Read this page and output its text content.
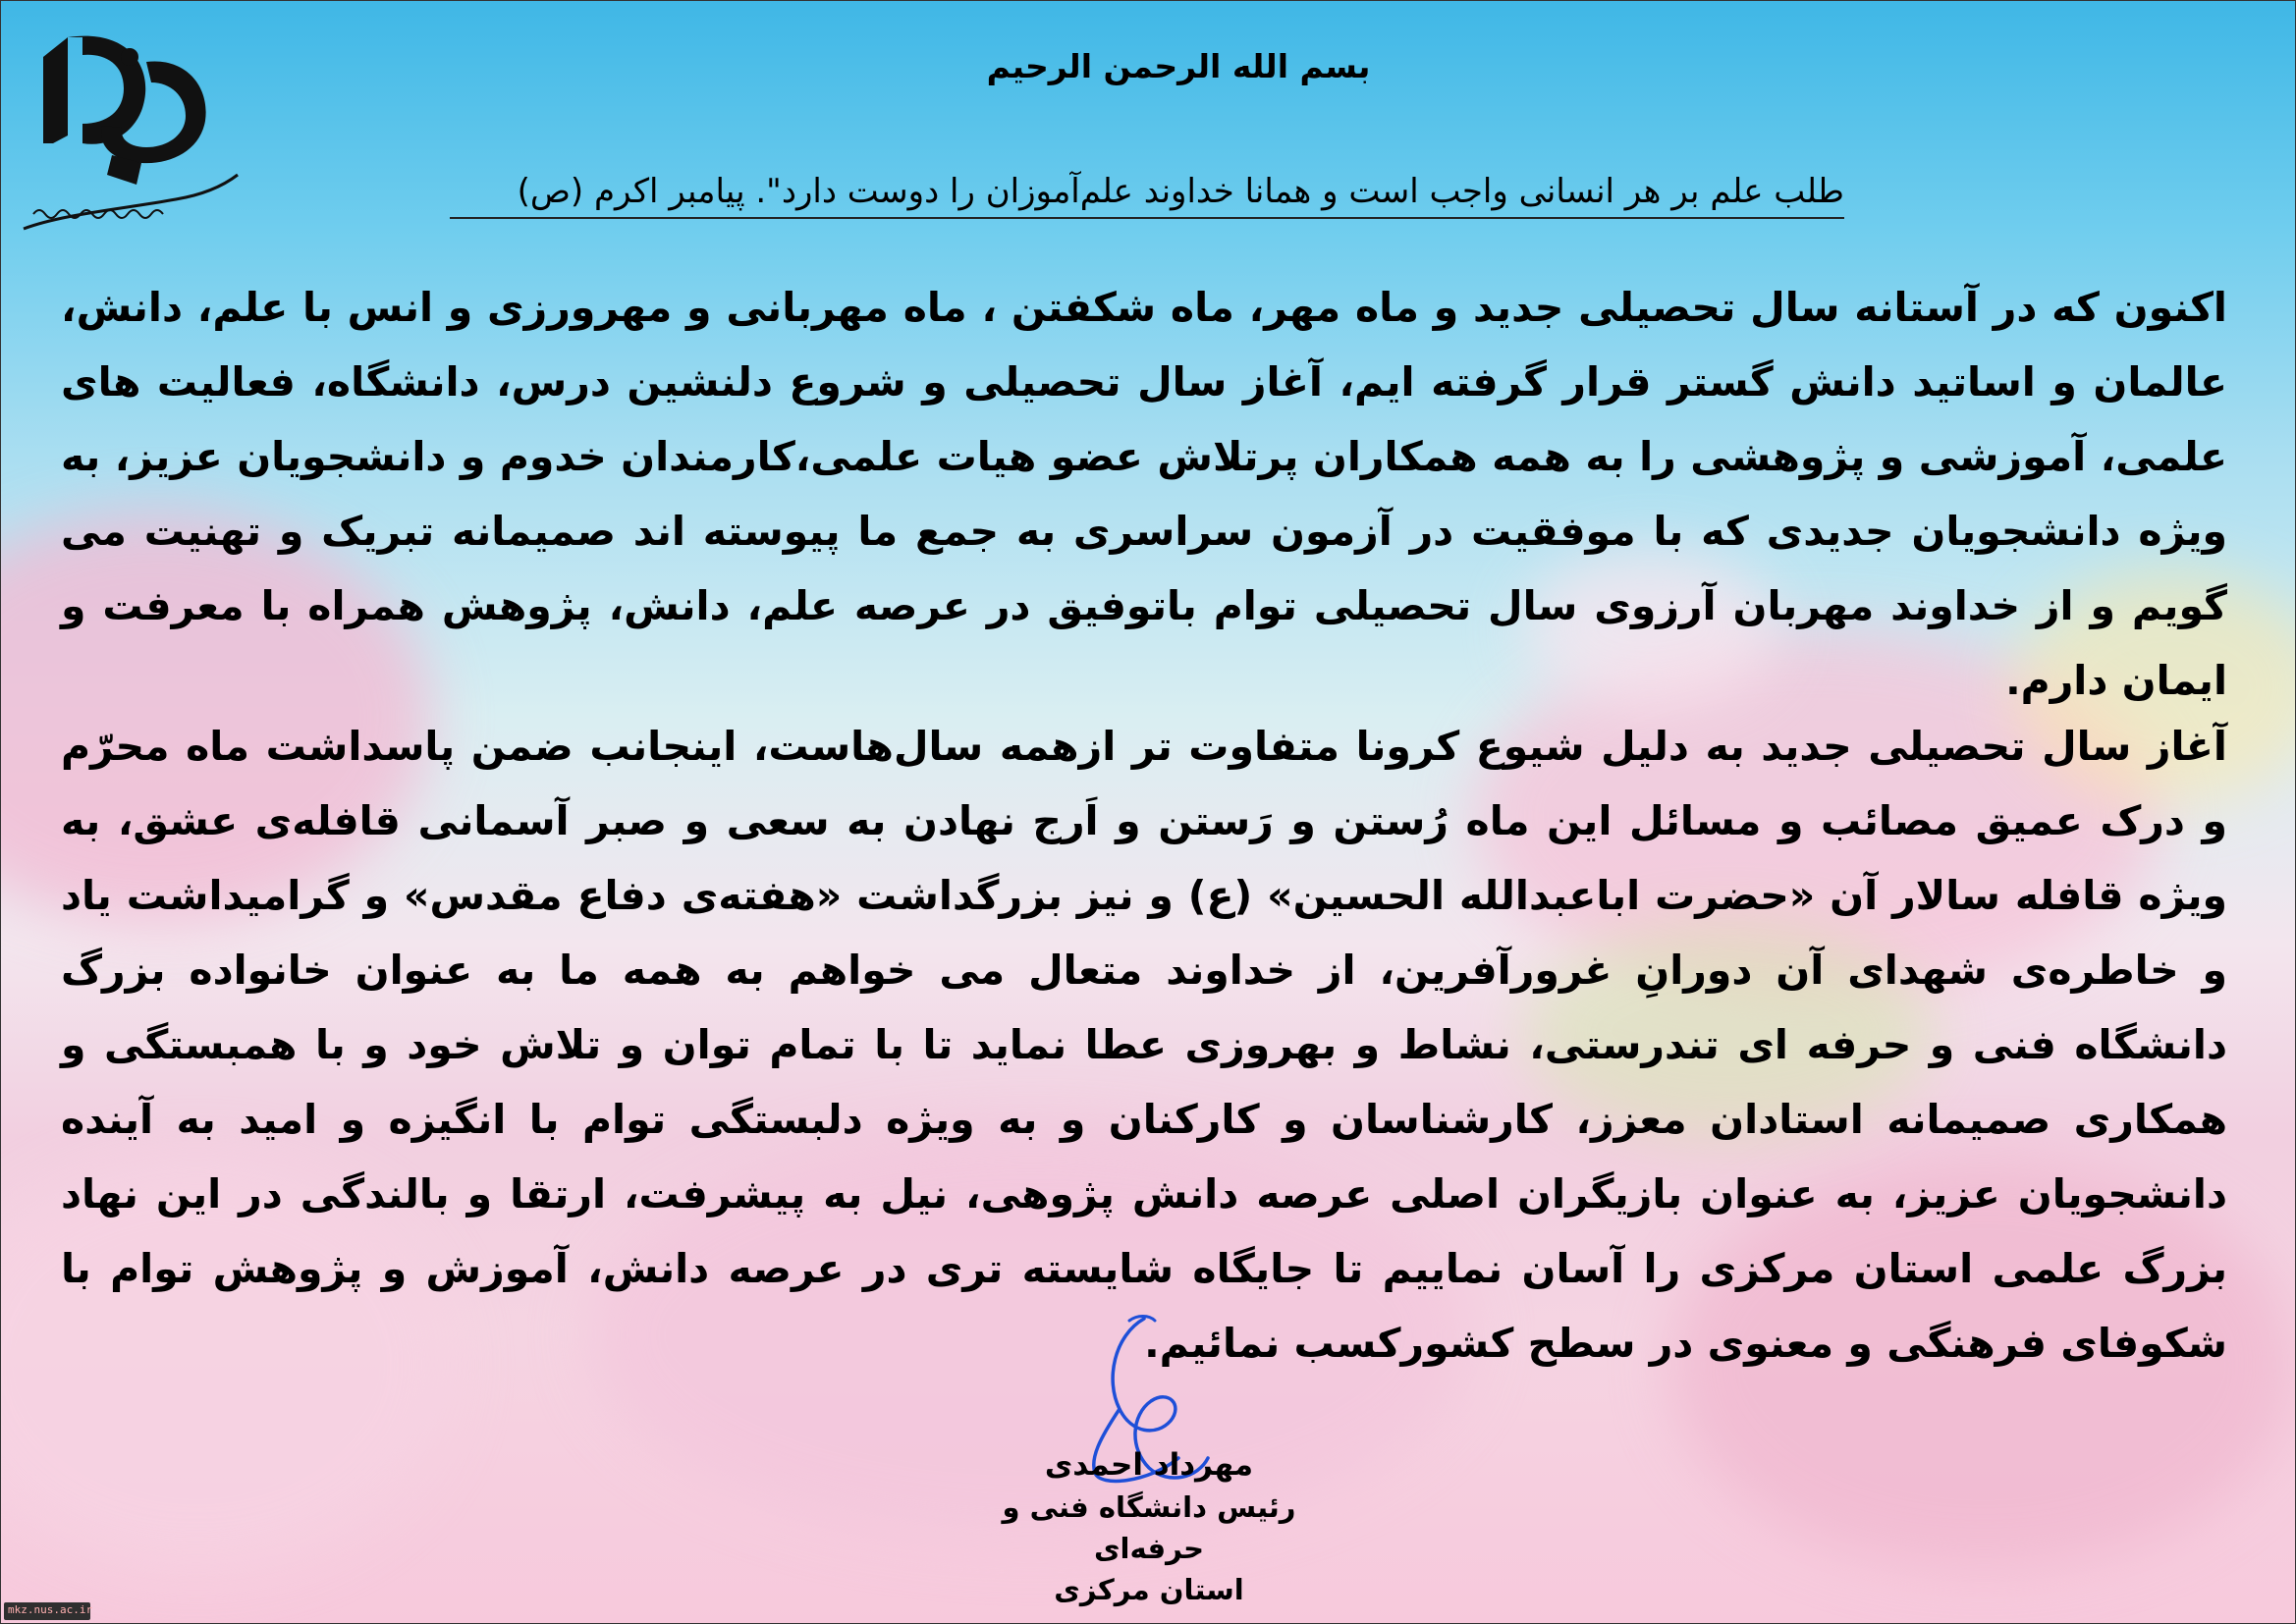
بسم الله الرحمن الرحیم

طلب علم بر هر انسانی واجب است و همانا خداوند علم‌آموزان را دوست دارد". پیامبر اکرم (ص)

اکنون که در آستانه سال تحصیلی جدید و ماه مهر، ماه شکفتن ، ماه مهربانی و مهرورزی و انس با علم، دانش، عالمان و اساتید دانش گستر قرار گرفته ایم، آغاز سال تحصیلی و شروع دلنشین درس، دانشگاه، فعالیت های علمی، آموزشی و پژوهشی را به همه همکاران پرتلاش عضو هیات علمی،کارمندان خدوم و دانشجویان عزیز، به ویژه دانشجویان جدیدی که با موفقیت در آزمون سراسری به جمع ما پیوسته اند صمیمانه تبریک و تهنیت می گویم و از خداوند مهربان آرزوی سال تحصیلی توام باتوفیق در عرصه علم، دانش، پژوهش همراه با معرفت و ایمان دارم.

آغاز سال تحصیلی جدید به دلیل شیوع کرونا متفاوت تر ازهمه سال‌هاست، اینجانب ضمن پاسداشت ماه محرّم و درک عمیق مصائب و مسائل این ماه رُستن و رَستن و اَرج نهادن به سعی و صبر آسمانی قافله‌ی عشق، به ویژه قافله سالار آن «حضرت اباعبدالله الحسین» (ع) و نیز بزرگداشت «هفته‌ی دفاع مقدس» و گرامیداشت یاد و خاطره‌ی شهدای آن دورانِ غرورآفرین، از خداوند متعال می خواهم به همه ما به عنوان خانواده بزرگ دانشگاه فنی و حرفه ای تندرستی، نشاط و بهروزی عطا نماید تا با تمام توان و تلاش خود و با همبستگی و همکاری صمیمانه استادان معزز، کارشناسان و کارکنان و به ویژه دلبستگی توام با انگیزه و امید به آینده دانشجویان عزیز، به عنوان بازیگران اصلی عرصه دانش پژوهی، نیل به پیشرفت، ارتقا و بالندگی در این نهاد بزرگ علمی استان مرکزی را آسان نماییم تا جایگاه شایسته تری در عرصه دانش، آموزش و پژوهش توام با شکوفای فرهنگی و معنوی در سطح کشورکسب نمائیم.

مهرداد احمدی
رئیس دانشگاه فنی و حرفه‌ای
استان مرکزی
mkz.nus.ac.ir
